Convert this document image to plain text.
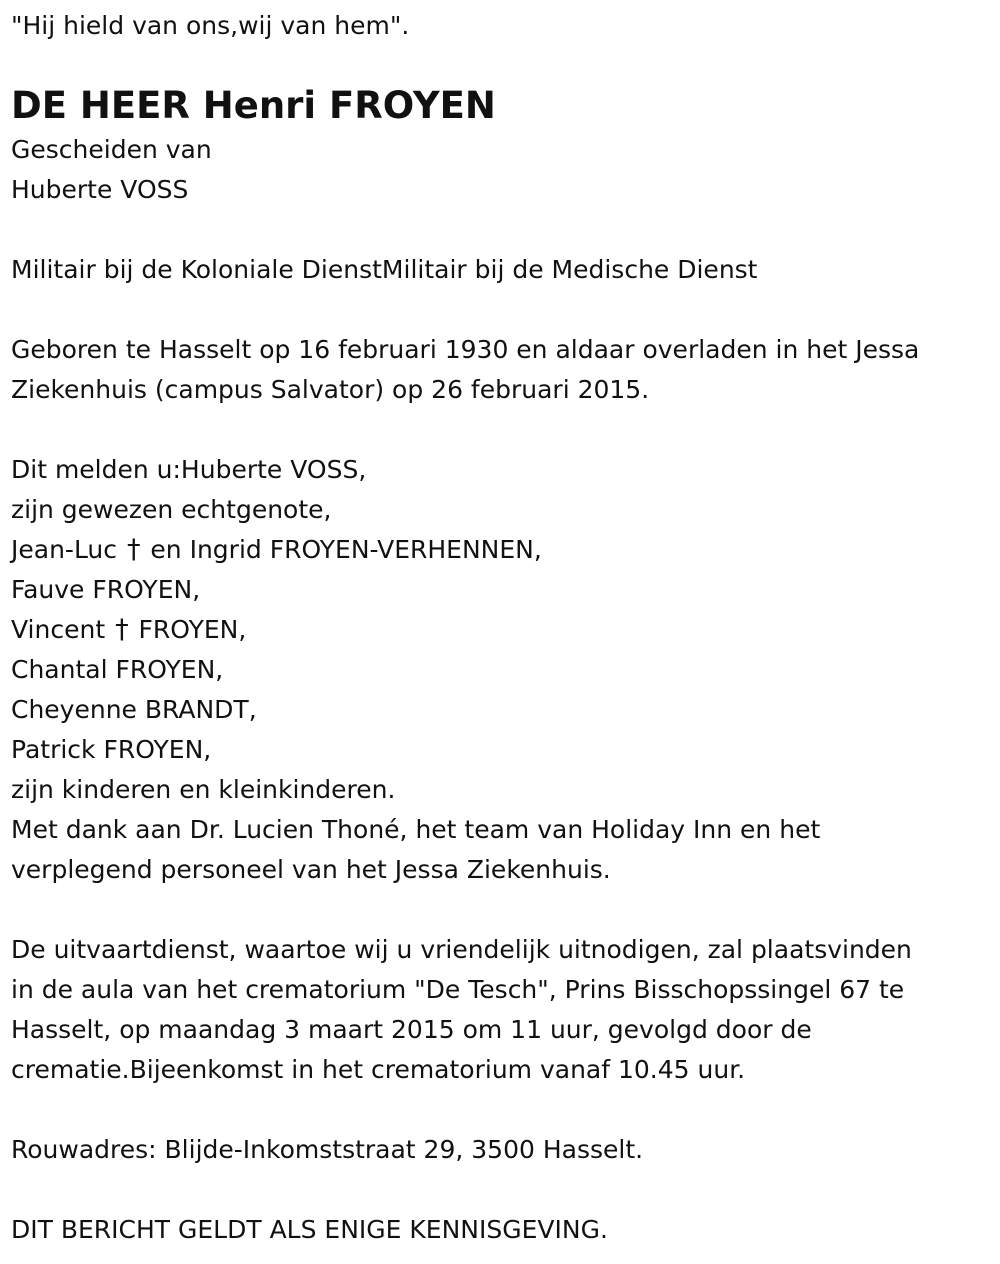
"Hij hield van ons,wij van hem".
DE HEER Henri FROYEN
Gescheiden van
Huberte VOSS
Militair bij de Koloniale DienstMilitair bij de Medische Dienst
Geboren te Hasselt op 16 februari 1930 en aldaar overladen in het Jessa
Ziekenhuis (campus Salvator) op 26 februari 2015.
Dit melden u:Huberte VOSS,
zijn gewezen echtgenote,
Jean-Luc † en Ingrid FROYEN-VERHENNEN,
Fauve FROYEN,
Vincent † FROYEN,
Chantal FROYEN,
Cheyenne BRANDT,
Patrick FROYEN,
zijn kinderen en kleinkinderen.
Met dank aan Dr. Lucien Thoné, het team van Holiday Inn en het
verplegend personeel van het Jessa Ziekenhuis.
De uitvaartdienst, waartoe wij u vriendelijk uitnodigen, zal plaatsvinden
in de aula van het crematorium "De Tesch", Prins Bisschopssingel 67 te
Hasselt, op maandag 3 maart 2015 om 11 uur, gevolgd door de
crematie.Bijeenkomst in het crematorium vanaf 10.45 uur.
Rouwadres: Blijde-Inkomststraat 29, 3500 Hasselt.
DIT BERICHT GELDT ALS ENIGE KENNISGEVING.
